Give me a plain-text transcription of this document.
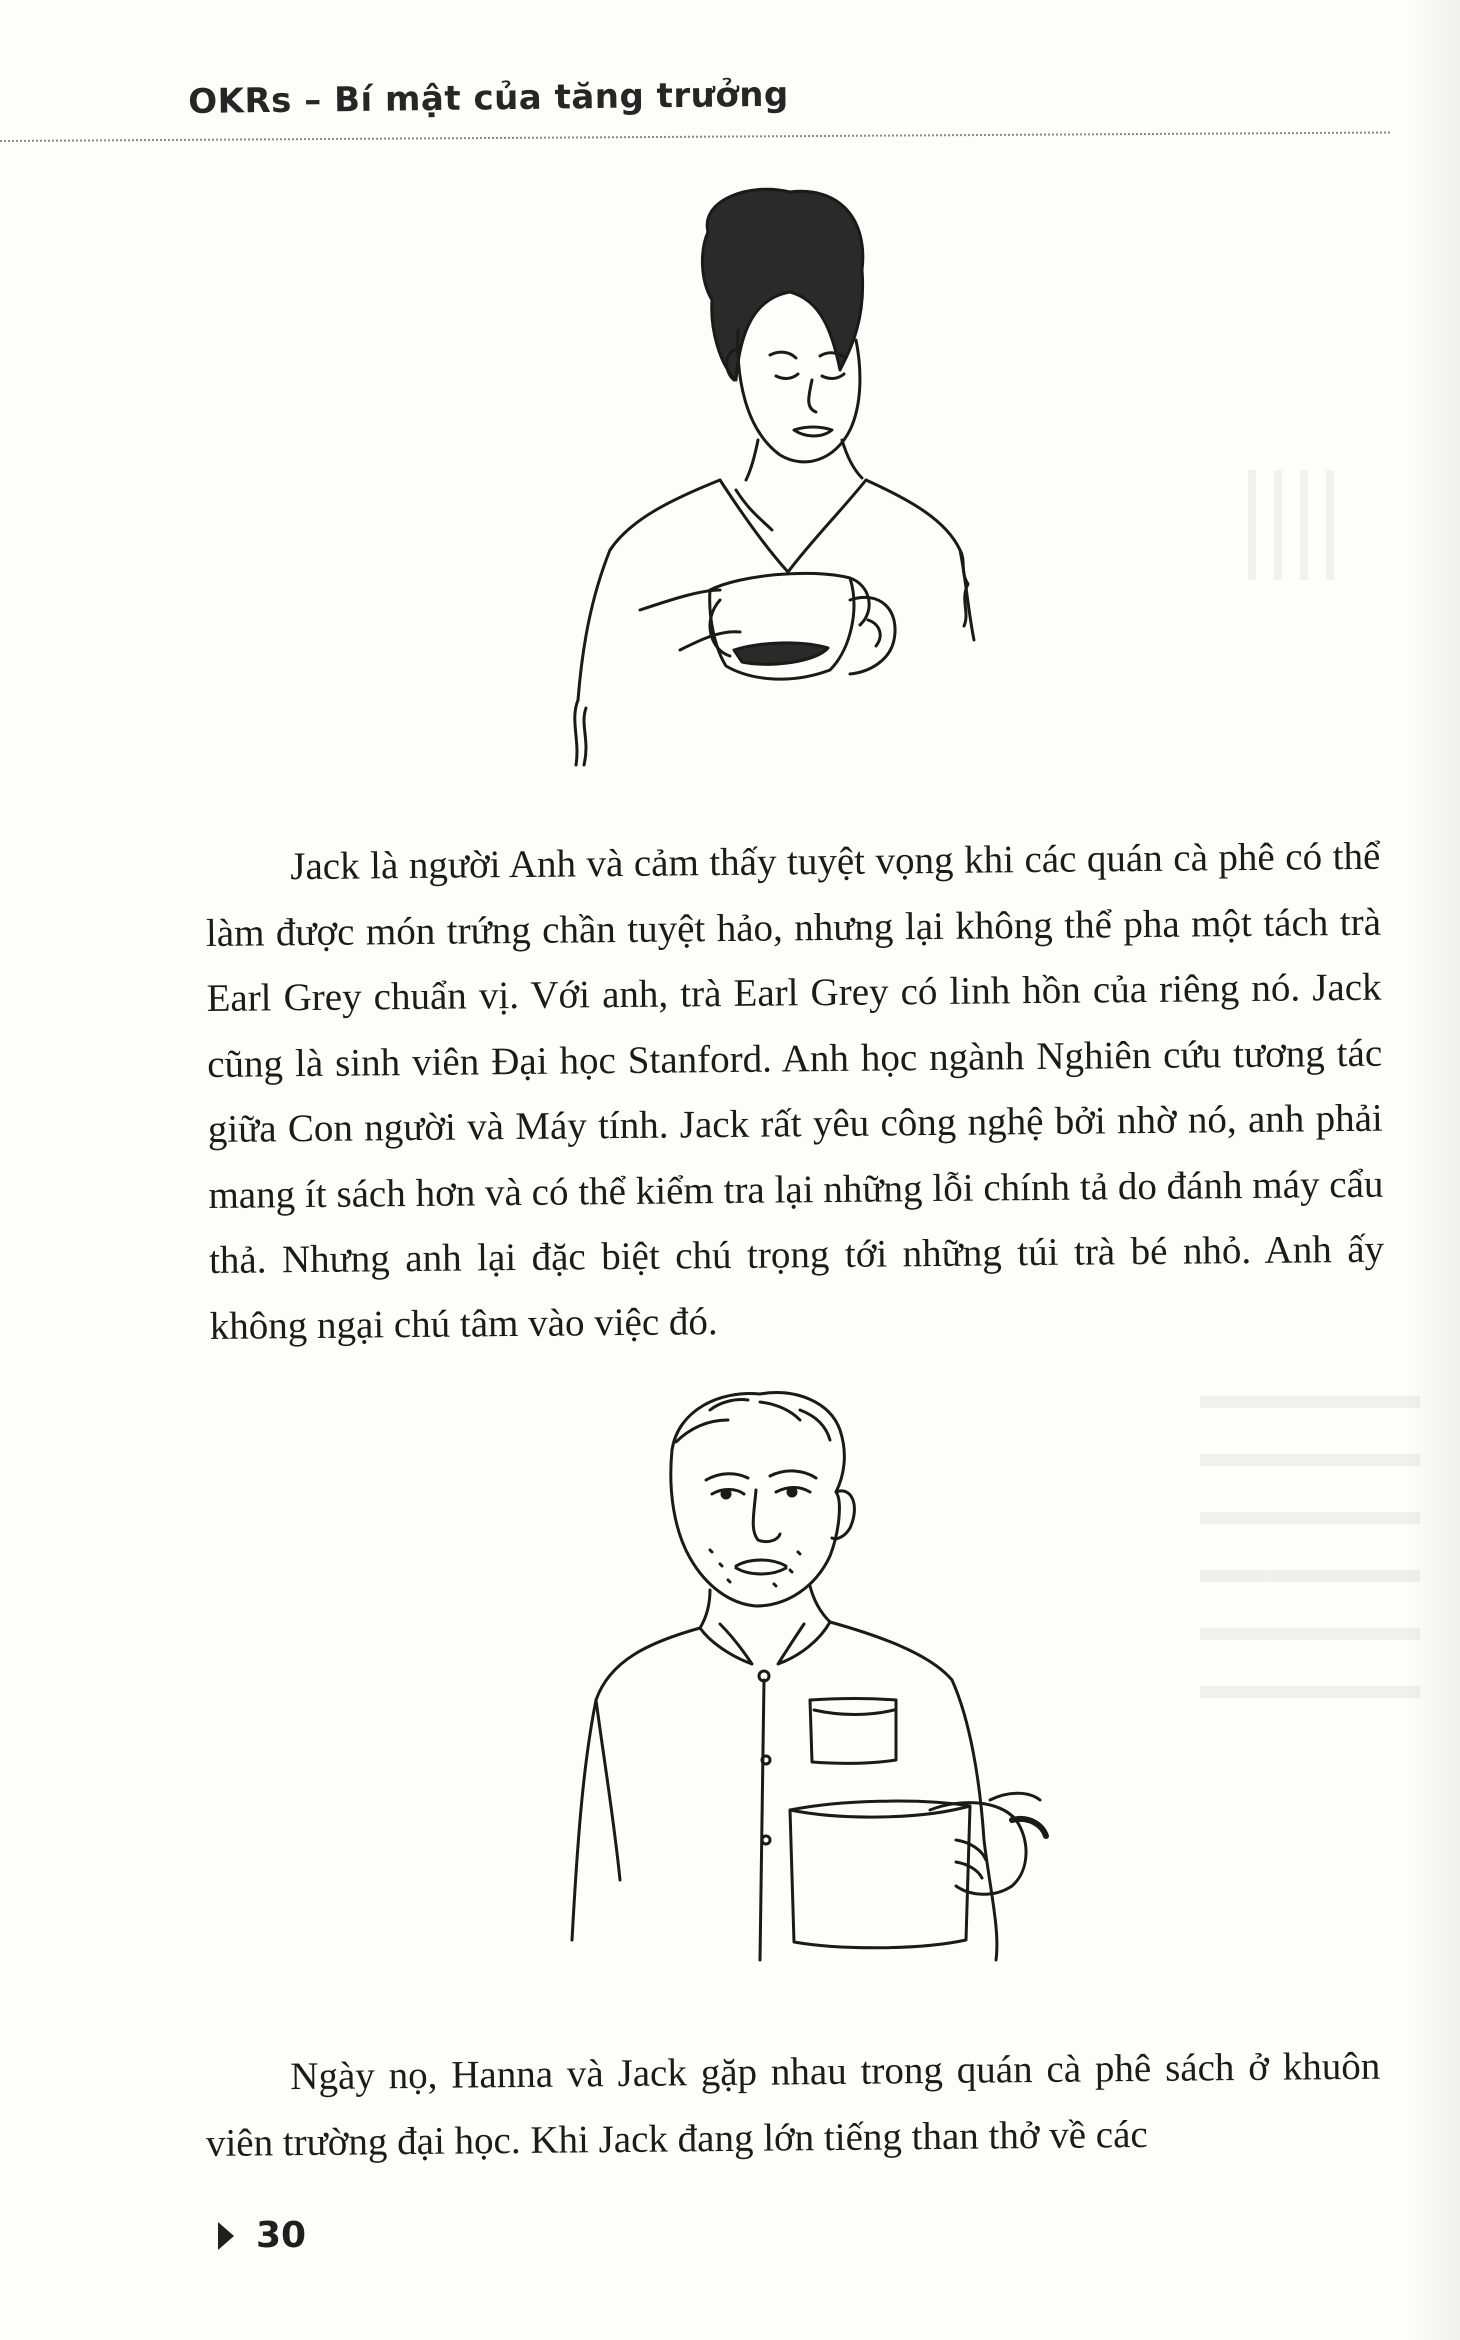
OKRs – Bí mật của tăng trưởng

Jack là người Anh và cảm thấy tuyệt vọng khi các quán cà phê có thể làm được món trứng chần tuyệt hảo, nhưng lại không thể pha một tách trà Earl Grey chuẩn vị. Với anh, trà Earl Grey có linh hồn của riêng nó. Jack cũng là sinh viên Đại học Stanford. Anh học ngành Nghiên cứu tương tác giữa Con người và Máy tính. Jack rất yêu công nghệ bởi nhờ nó, anh phải mang ít sách hơn và có thể kiểm tra lại những lỗi chính tả do đánh máy cẩu thả. Nhưng anh lại đặc biệt chú trọng tới những túi trà bé nhỏ. Anh ấy không ngại chú tâm vào việc đó.

Ngày nọ, Hanna và Jack gặp nhau trong quán cà phê sách ở khuôn viên trường đại học. Khi Jack đang lớn tiếng than thở về các

30
